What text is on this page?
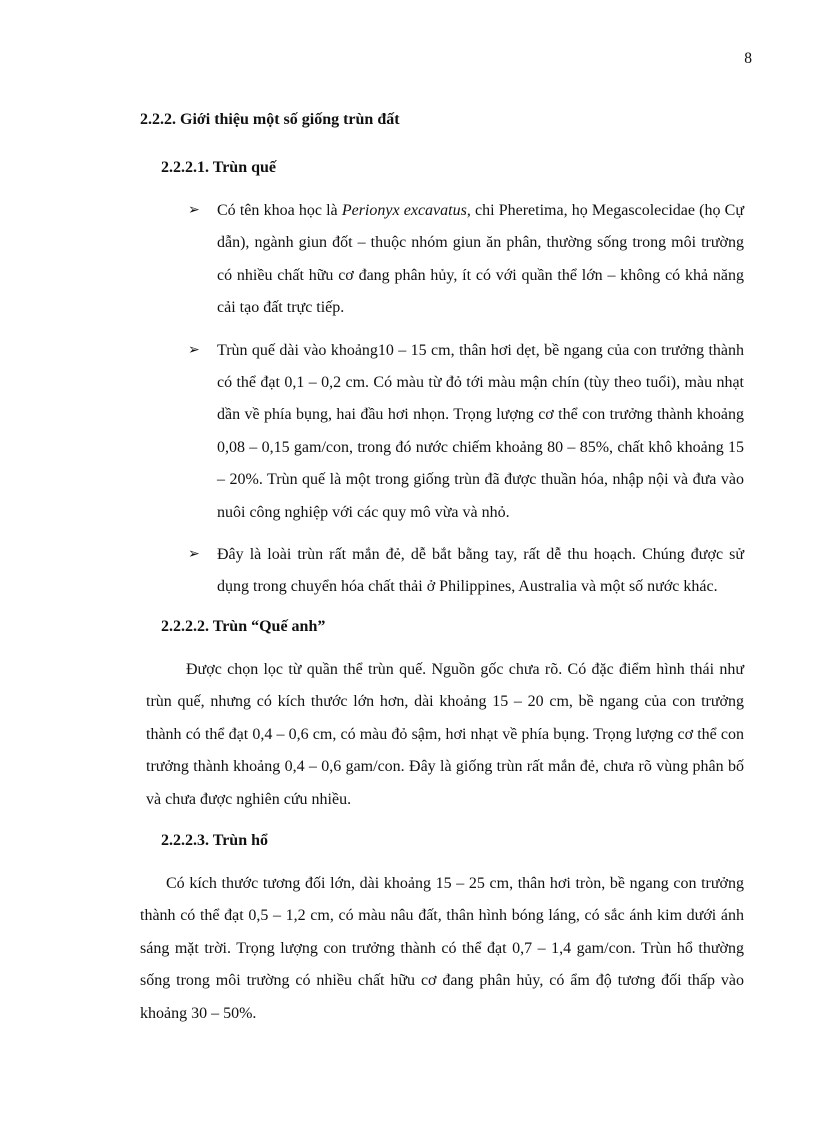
8
2.2.2. Giới thiệu một số giống trùn đất
2.2.2.1. Trùn quế
➢ Có tên khoa học là Perionyx excavatus, chi Pheretima, họ Megascolecidae (họ Cự dẫn), ngành giun đốt – thuộc nhóm giun ăn phân, thường sống trong môi trường có nhiều chất hữu cơ đang phân hủy, ít có với quần thể lớn – không có khả năng cải tạo đất trực tiếp.
➢ Trùn quế dài vào khoảng10 – 15 cm, thân hơi dẹt, bề ngang của con trưởng thành có thể đạt 0,1 – 0,2 cm. Có màu từ đỏ tới màu mận chín (tùy theo tuổi), màu nhạt dần về phía bụng, hai đầu hơi nhọn. Trọng lượng cơ thể con trưởng thành khoảng 0,08 – 0,15 gam/con, trong đó nước chiếm khoảng 80 – 85%, chất khô khoảng 15 – 20%. Trùn quế là một trong giống trùn đã được thuần hóa, nhập nội và đưa vào nuôi công nghiệp với các quy mô vừa và nhỏ.
➢ Đây là loài trùn rất mắn đẻ, dễ bắt bằng tay, rất dễ thu hoạch. Chúng được sử dụng trong chuyển hóa chất thải ở Philippines, Australia và một số nước khác.
2.2.2.2. Trùn “Quế anh”

Được chọn lọc từ quần thể trùn quế. Nguồn gốc chưa rõ. Có đặc điểm hình thái như trùn quế, nhưng có kích thước lớn hơn, dài khoảng 15 – 20 cm, bề ngang của con trưởng thành có thể đạt 0,4 – 0,6 cm, có màu đỏ sậm, hơi nhạt về phía bụng. Trọng lượng cơ thể con trưởng thành khoảng 0,4 – 0,6 gam/con. Đây là giống trùn rất mắn đẻ, chưa rõ vùng phân bố và chưa được nghiên cứu nhiều.

2.2.2.3. Trùn hổ

Có kích thước tương đối lớn, dài khoảng 15 – 25 cm, thân hơi tròn, bề ngang con trưởng thành có thể đạt 0,5 – 1,2 cm, có màu nâu đất, thân hình bóng láng, có sắc ánh kim dưới ánh sáng mặt trời. Trọng lượng con trưởng thành có thể đạt 0,7 – 1,4 gam/con. Trùn hổ thường sống trong môi trường có nhiều chất hữu cơ đang phân hủy, có ẩm độ tương đối thấp vào khoảng 30 – 50%.
